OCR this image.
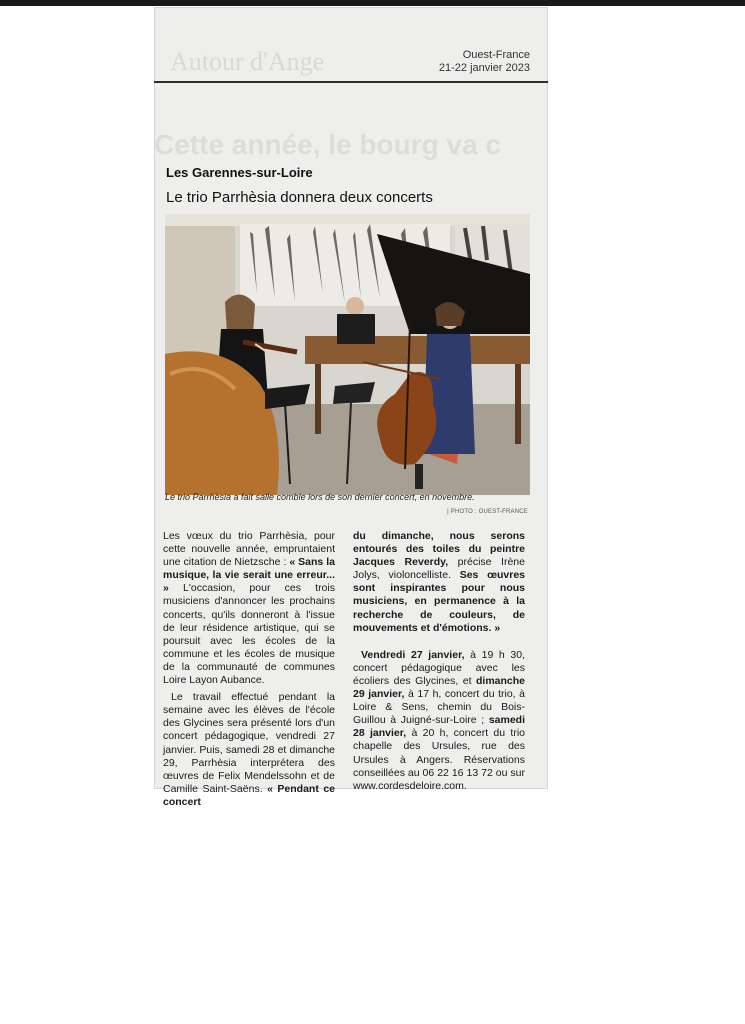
Autour d'Ange
Cette année, le bourg va c
Ouest-France
21-22 janvier 2023
Les Garennes-sur-Loire
Le trio Parrhèsia donnera deux concerts
Le trio Parrhèsia a fait salle comble lors de son dernier concert, en novembre.
| PHOTO : OUEST-FRANCE

Les vœux du trio Parrhèsia, pour cette nouvelle année, empruntaient une citation de Nietzsche : « Sans la musique, la vie serait une erreur... » L'occasion, pour ces trois musiciens d'annoncer les prochains concerts, qu'ils donneront à l'issue de leur résidence artistique, qui se poursuit avec les écoles de la commune et les écoles de musique de la communauté de communes Loire Layon Aubance.

Le travail effectué pendant la semaine avec les élèves de l'école des Glycines sera présenté lors d'un concert pédagogique, vendredi 27 janvier. Puis, samedi 28 et dimanche 29, Parrhèsia interprétera des œuvres de Felix Mendelssohn et de Camille Saint-Saëns. « Pendant ce concert

du dimanche, nous serons entourés des toiles du peintre Jacques Reverdy, précise Irène Jolys, violoncelliste. Ses œuvres sont inspirantes pour nous musiciens, en permanence à la recherche de couleurs, de mouvements et d'émotions. »

Vendredi 27 janvier, à 19 h 30, concert pédagogique avec les écoliers des Glycines, et dimanche 29 janvier, à 17 h, concert du trio, à Loire & Sens, chemin du Bois-Guillou à Juigné-sur-Loire ; samedi 28 janvier, à 20 h, concert du trio chapelle des Ursules, rue des Ursules à Angers. Réservations conseillées au 06 22 16 13 72 ou sur www.cordesdeloire.com.
